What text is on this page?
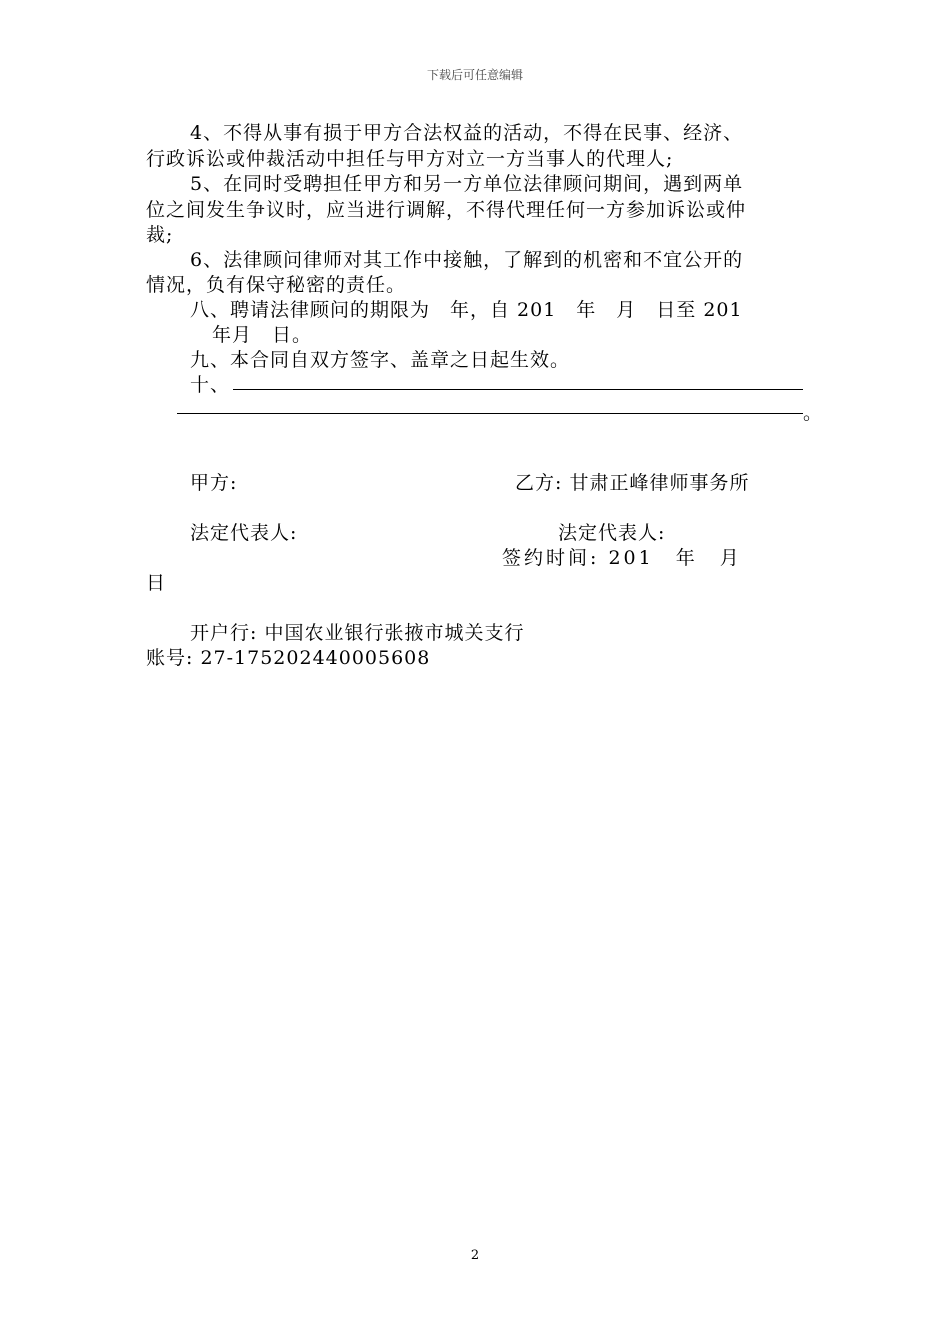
下载后可任意编辑
4、不得从事有损于甲方合法权益的活动，不得在民事、经济、
行政诉讼或仲裁活动中担任与甲方对立一方当事人的代理人;
5、在同时受聘担任甲方和另一方单位法律顾问期间，遇到两单
位之间发生争议时，应当进行调解，不得代理任何一方参加诉讼或仲
裁;
6、法律顾问律师对其工作中接触，了解到的机密和不宜公开的
情况，负有保守秘密的责任。
八、聘请法律顾问的期限为　年，自 201　年　月　日至 201
年月　日。
九、本合同自双方签字、盖章之日起生效。
十、
。
甲方:	乙方: 甘肃正峰律师事务所
法定代表人:	法定代表人:
签约时间: 201　年　月
日
开户行: 中国农业银行张掖市城关支行
账号: 27-175202440005608
2
